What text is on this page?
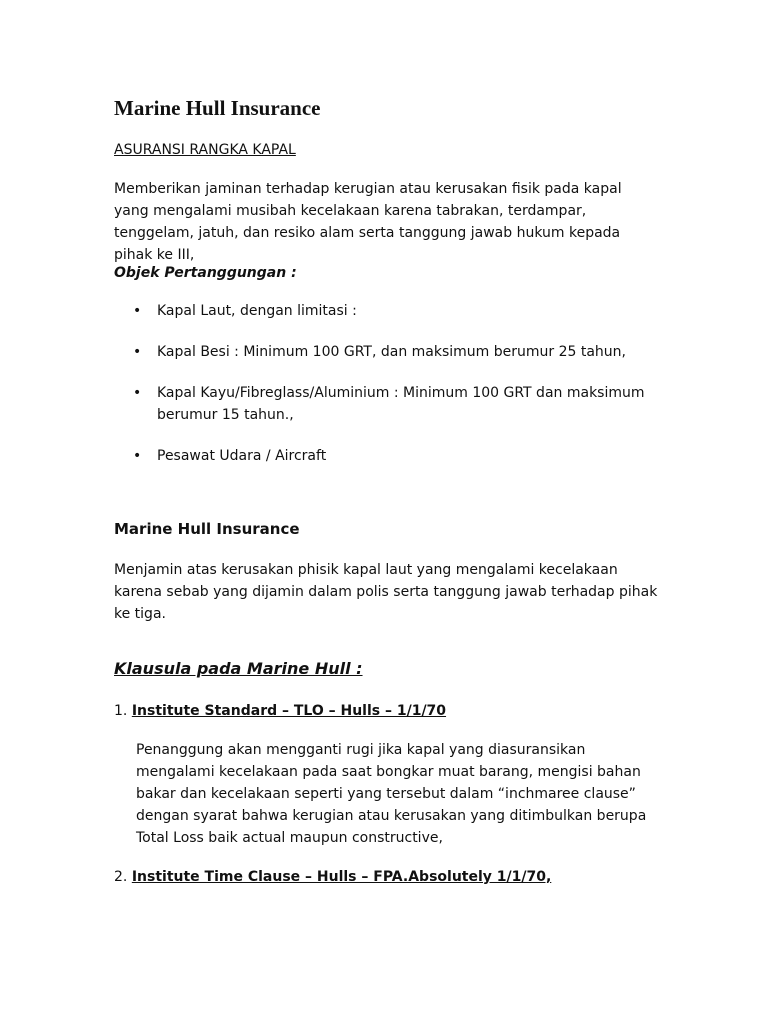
Marine Hull Insurance
ASURANSI RANGKA KAPAL

Memberikan jaminan terhadap kerugian atau kerusakan fisik pada kapal yang mengalami musibah kecelakaan karena tabrakan, terdampar, tenggelam, jatuh, dan resiko alam serta tanggung jawab hukum kepada pihak ke III,

Objek Pertanggungan :
• Kapal Laut, dengan limitasi :
• Kapal Besi : Minimum 100 GRT, dan maksimum berumur 25 tahun,
• Kapal Kayu/Fibreglass/Aluminium : Minimum 100 GRT dan maksimum berumur 15 tahun.,
• Pesawat Udara / Aircraft
Marine Hull Insurance

Menjamin atas kerusakan phisik kapal laut yang mengalami kecelakaan karena sebab yang dijamin dalam polis serta tanggung jawab terhadap pihak ke tiga.

Klausula pada Marine Hull :
1. Institute Standard – TLO – Hulls – 1/1/70

Penanggung akan mengganti rugi jika kapal yang diasuransikan mengalami kecelakaan pada saat bongkar muat barang, mengisi bahan bakar dan kecelakaan seperti yang tersebut dalam “inchmaree clause” dengan syarat bahwa kerugian atau kerusakan yang ditimbulkan berupa Total Loss baik actual maupun constructive,

2. Institute Time Clause – Hulls – FPA.Absolutely 1/1/70,
